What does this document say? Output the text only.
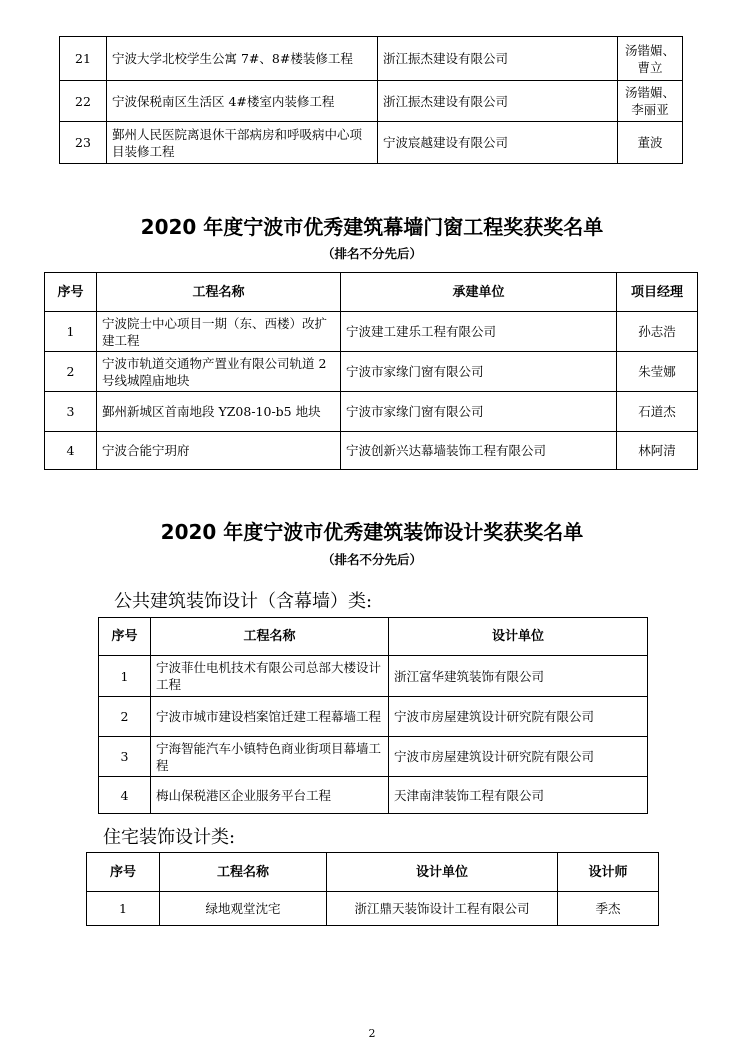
21	宁波大学北校学生公寓 7#、8#楼装修工程	浙江振杰建设有限公司	汤锴媚、曹立
22	宁波保税南区生活区 4#楼室内装修工程	浙江振杰建设有限公司	汤锴媚、李丽亚
23	鄞州人民医院离退休干部病房和呼吸病中心项目装修工程	宁波宸越建设有限公司	董波
2020 年度宁波市优秀建筑幕墙门窗工程奖获奖名单
（排名不分先后）
序号	工程名称	承建单位	项目经理
1	宁波院士中心项目一期（东、西楼）改扩建工程	宁波建工建乐工程有限公司	孙志浩
2	宁波市轨道交通物产置业有限公司轨道 2 号线城隍庙地块	宁波市家缘门窗有限公司	朱莹娜
3	鄞州新城区首南地段 YZ08-10-b5 地块	宁波市家缘门窗有限公司	石道杰
4	宁波合能宁玥府	宁波创新兴达幕墙装饰工程有限公司	林阿清
2020 年度宁波市优秀建筑装饰设计奖获奖名单
（排名不分先后）
公共建筑装饰设计（含幕墙）类:
序号	工程名称	设计单位
1	宁波菲仕电机技术有限公司总部大楼设计工程	浙江富华建筑装饰有限公司
2	宁波市城市建设档案馆迁建工程幕墙工程	宁波市房屋建筑设计研究院有限公司
3	宁海智能汽车小镇特色商业街项目幕墙工程	宁波市房屋建筑设计研究院有限公司
4	梅山保税港区企业服务平台工程	天津南津装饰工程有限公司
住宅装饰设计类:
序号	工程名称	设计单位	设计师
1	绿地观堂沈宅	浙江鼎天装饰设计工程有限公司	季杰
2
